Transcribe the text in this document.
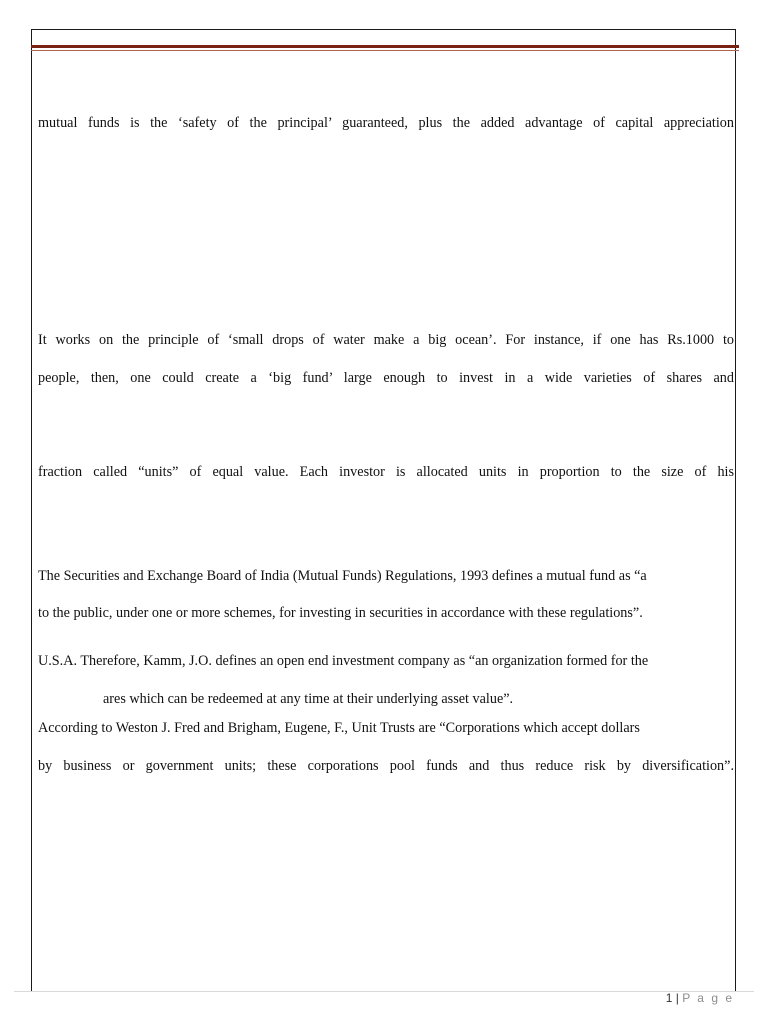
mutual funds is the ‘safety of the principal’ guaranteed, plus the added advantage of capital appreciation
It works on the principle of ‘small drops of water make a big ocean’. For instance, if one has Rs.1000 to
people, then, one could create a ‘big fund’ large enough to invest in a wide varieties of shares and
fraction called “units” of equal value. Each investor is allocated units in proportion to the size of his
The Securities and Exchange Board of India (Mutual Funds) Regulations, 1993 defines a mutual fund as “a
to the public, under one or more schemes, for investing in securities in accordance with these regulations”.
U.S.A. Therefore, Kamm, J.O. defines an open end investment company as “an organization formed for the
ares which can be redeemed at any time at their underlying asset value”.
According to Weston J. Fred and Brigham, Eugene, F., Unit Trusts are “Corporations which accept dollars
by business or government units; these corporations pool funds and thus reduce risk by diversification”.
1 | P a g e
